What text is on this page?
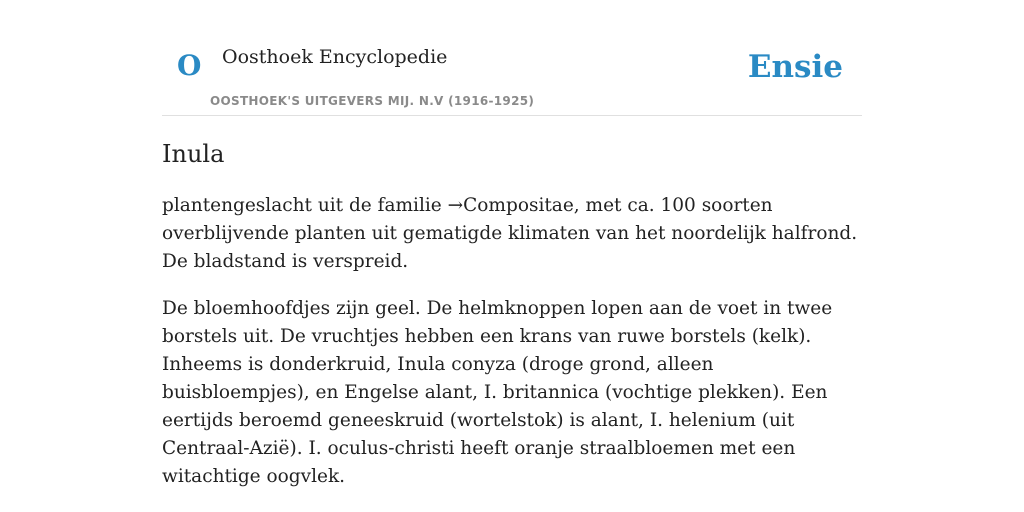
O Oosthoek Encyclopedie
OOSTHOEK'S UITGEVERS MIJ. N.V (1916-1925)
Ensie
Inula

plantengeslacht uit de familie →Compositae, met ca. 100 soorten overblijvende planten uit gematigde klimaten van het noordelijk halfrond. De bladstand is verspreid.

De bloemhoofdjes zijn geel. De helmknoppen lopen aan de voet in twee borstels uit. De vruchtjes hebben een krans van ruwe borstels (kelk). Inheems is donderkruid, Inula conyza (droge grond, alleen buisbloempjes), en Engelse alant, I. britannica (vochtige plekken). Een eertijds beroemd geneeskruid (wortelstok) is alant, I. helenium (uit Centraal-Azië). I. oculus-christi heeft oranje straalbloemen met een witachtige oogvlek.
